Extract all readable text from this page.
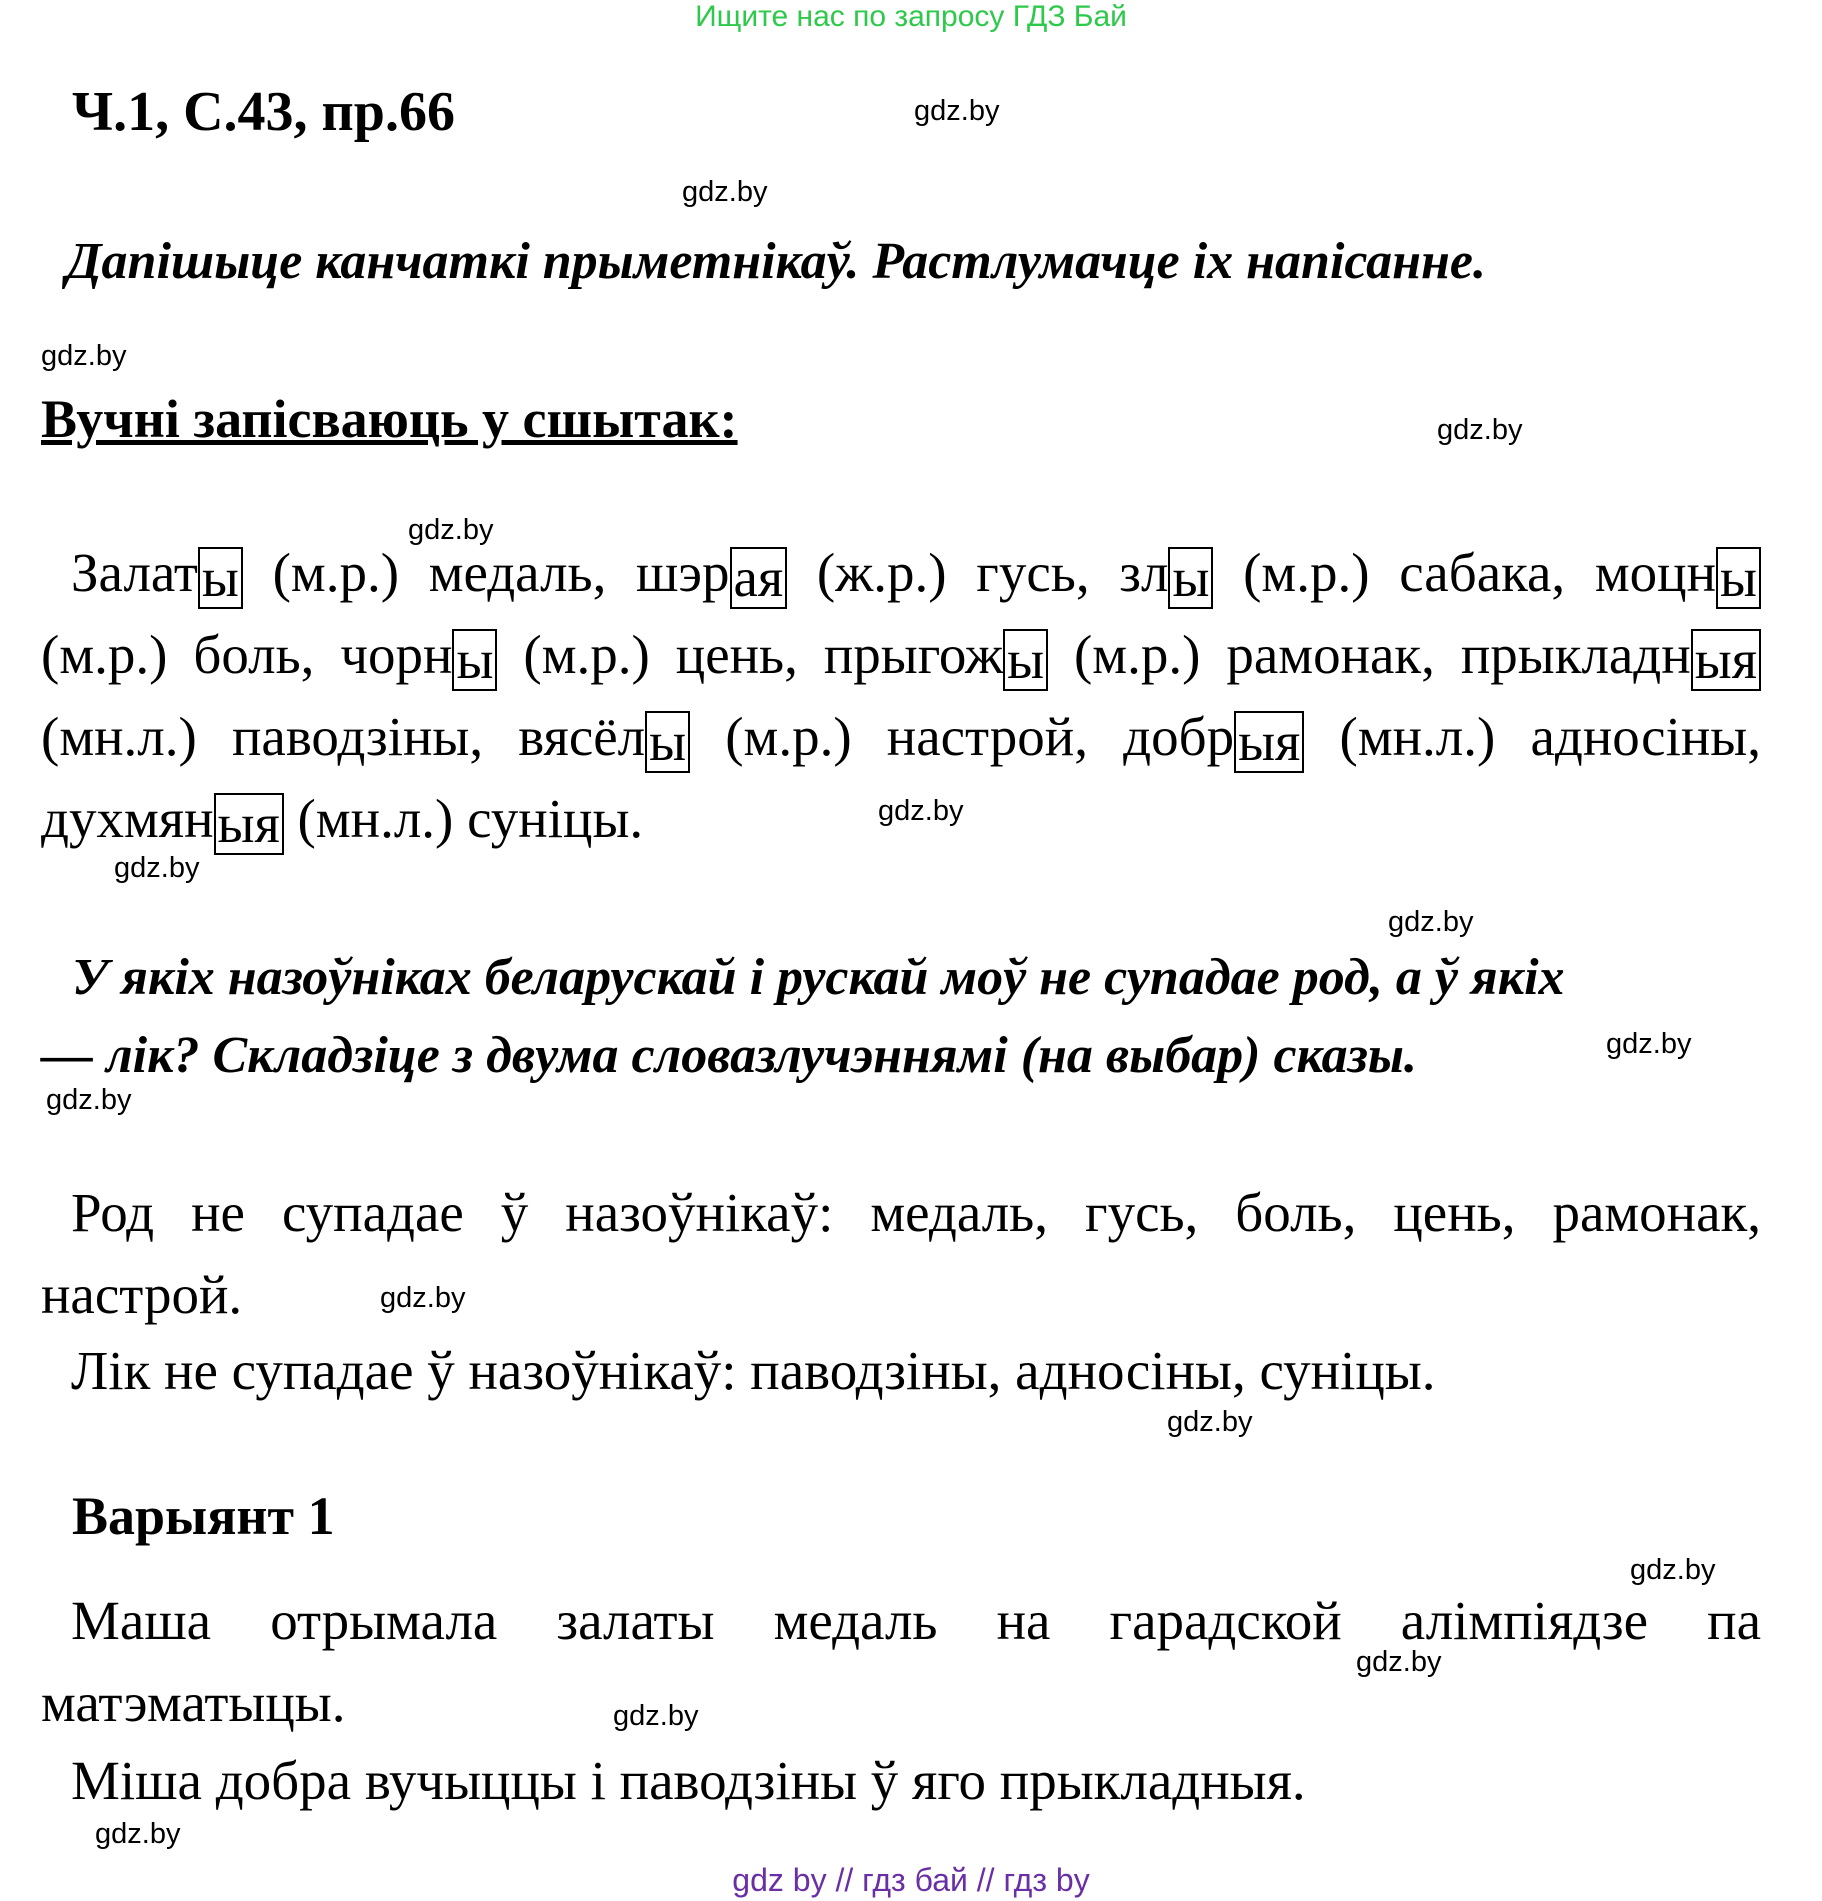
Ищите нас по запросу ГДЗ Бай
Ч.1, С.43, пр.66
Дапішыце канчаткі прыметнікаў. Растлумачце іх напісанне.
Вучні запісваюць у сшытак:
Залаты (м.р.) медаль, шэрая (ж.р.) гусь, злы (м.р.) сабака, моцны
(м.р.) боль, чорны (м.р.) цень, прыгожы (м.р.) рамонак, прыкладныя
(мн.л.) паводзіны, вясёлы (м.р.) настрой, добрыя (мн.л.) адносіны,
духмяныя (мн.л.) суніцы.
У якіх назоўніках беларускай і рускай моў не супадае род, а ў якіх
— лік? Складзіце з двума словазлучэннямі (на выбар) сказы.
Род не супадае ў назоўнікаў: медаль, гусь, боль, цень, рамонак,
настрой.
Лік не супадае ў назоўнікаў: паводзіны, адносіны, суніцы.
Варыянт 1
Маша отрымала залаты медаль на гарадской алімпіядзе па
матэматыцы.
Міша добра вучыццы і паводзіны ў яго прыкладныя.
gdz.by
gdz.by
gdz.by
gdz.by
gdz.by
gdz.by
gdz.by
gdz.by
gdz.by
gdz.by
gdz.by
gdz.by
gdz.by
gdz.by
gdz.by
gdz.by
gdz by // гдз бай // гдз by
